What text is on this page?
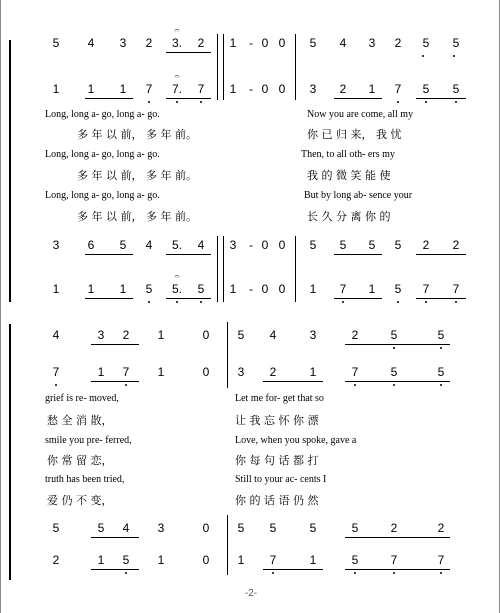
5 4 3 2 3. 2 1 - 0 0 5 4 3 2 5 5
𝄐
1 1 1 7 7. 7 1 - 0 0 3 2 1 7 5 5
𝄐
Long, long a- go, long a- go.	Now you are come, all my
多 年 以 前， 多 年 前。	你 已 归 来， 我 忧
Long, long a- go, long a- go.	Then, to all oth- ers my
多 年 以 前， 多 年 前。	我 的 微 笑 能 使
Long, long a- go, long a- go.	But by long ab- sence your
多 年 以 前， 多 年 前。	长 久 分 离 你 的
3 6 5 4 5. 4 3 - 0 0 5 5 5 5 2 2
1 1 1 5 5. 5 1 - 0 0 1 7 1 5 7 7
𝄐
4	3 2 1	0 5 4	3	2	5	5
7	1 7 1	0 3 2	1	7	5	5
grief is re- moved,	Let me for- get that so
愁 全 消 散，	让 我 忘 怀 你 漂
smile you pre- ferred,	Love, when you spoke, gave a
你 常 留 恋，	你 每 句 话 都 打
truth has been tried,	Still to your ac- cents I
爱 仍 不 变，	你 的 话 语 仍 然
5	5 4 3	0 5 5	5	5	2	2
2	1 5 1	0 1 7	1	5	7	7
-2-
